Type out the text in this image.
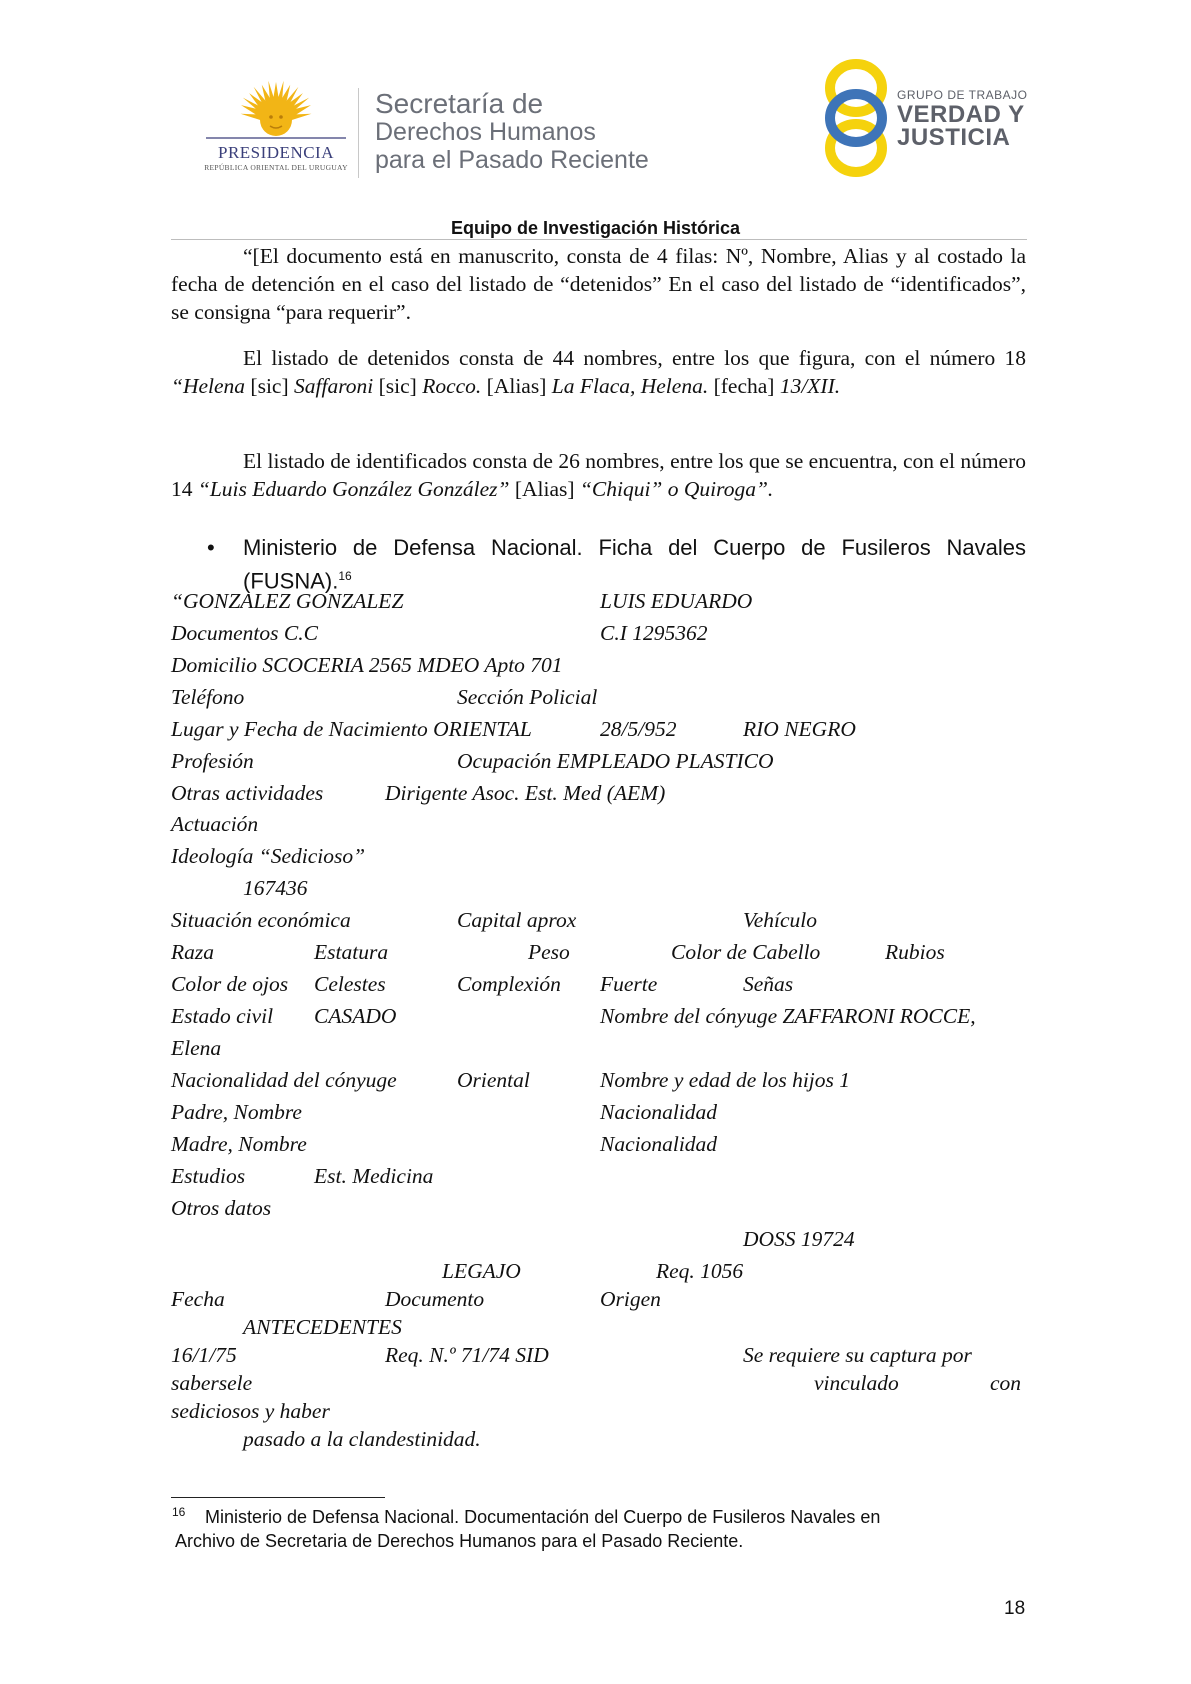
PRESIDENCIA
REPÚBLICA ORIENTAL DEL URUGUAY
Secretaría de
Derechos Humanos
para el Pasado Reciente
GRUPO DE TRABAJO
VERDAD Y
JUSTICIA
Equipo de Investigación Histórica
“[El documento está en manuscrito, consta de 4 filas: Nº, Nombre, Alias y al costado la fecha de detención en el caso del listado de “detenidos” En el caso del listado de “identificados”, se consigna “para requerir”.
El listado de detenidos consta de 44 nombres, entre los que figura, con el número 18 “Helena [sic] Saffaroni [sic] Rocco. [Alias] La Flaca, Helena. [fecha] 13/XII.
El listado de identificados consta de 26 nombres, entre los que se encuentra, con el número 14 “Luis Eduardo González González” [Alias] “Chiqui” o Quiroga”.
• Ministerio de Defensa Nacional. Ficha del Cuerpo de Fusileros Navales (FUSNA).$^{16}$
“GONZALEZ GONZALEZ	LUIS EDUARDO
Documentos C.C	C.I 1295362
Domicilio SCOCERIA 2565 MDEO Apto 701
Teléfono	Sección Policial
Lugar y Fecha de Nacimiento ORIENTAL	28/5/952	RIO NEGRO
Profesión	Ocupación EMPLEADO PLASTICO
Otras actividades	Dirigente Asoc. Est. Med (AEM)
Actuación
Ideología “Sedicioso”
167436
Situación económica	Capital aprox	Vehículo
Raza	Estatura	Peso	Color de Cabello	Rubios
Color de ojos Celestes	Complexión Fuerte	Señas
Estado civil CASADO	Nombre del cónyuge ZAFFARONI ROCCE,
Elena
Nacionalidad del cónyuge	Oriental	Nombre y edad de los hijos 1
Padre, Nombre	Nacionalidad
Madre, Nombre	Nacionalidad
Estudios	Est. Medicina
Otros datos
DOSS 19724
LEGAJO	Req. 1056
Fecha	Documento	Origen
ANTECEDENTES
16/1/75	Req. N.º 71/74 SID	Se requiere su captura por
sabersele	vinculado	con
sediciosos y haber
pasado a la clandestinidad.
16 Ministerio de Defensa Nacional. Documentación del Cuerpo de Fusileros Navales en
Archivo de Secretaria de Derechos Humanos para el Pasado Reciente.
18
